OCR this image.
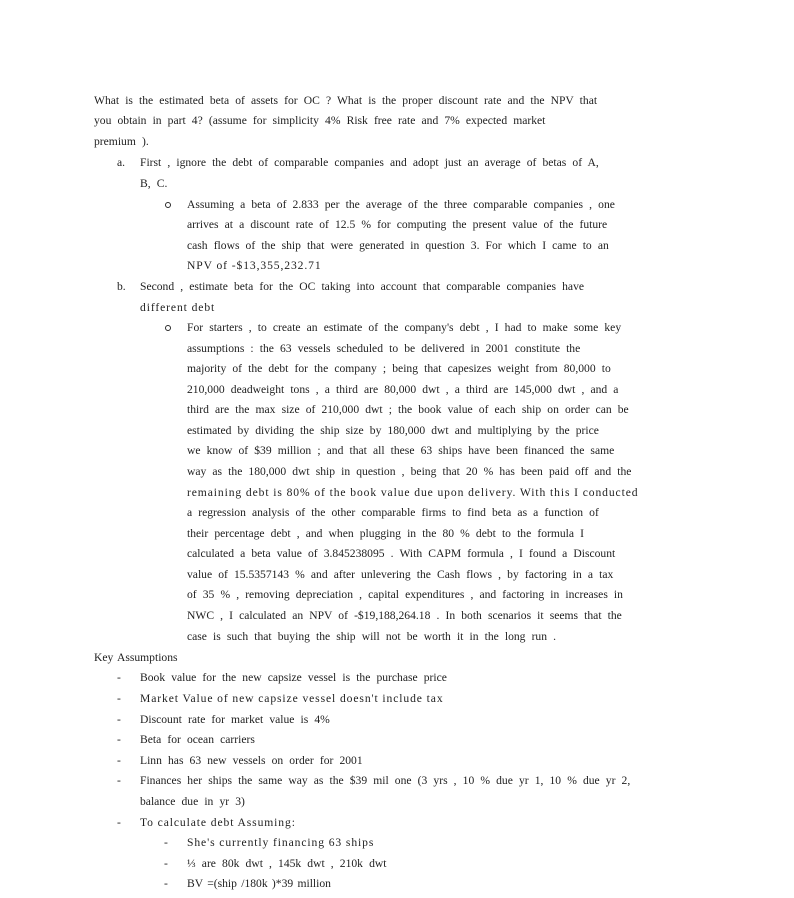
What is the estimated beta of assets for OC ? What is the proper discount rate and the NPV that
you obtain in part 4? (assume for simplicity 4% Risk free rate and 7% expected market
premium ).
a. First , ignore the debt of comparable companies and adopt just an average of betas of A,
B, C.
Assuming a beta of 2.833 per the average of the three comparable companies , one
arrives at a discount rate of 12.5 % for computing the present value of the future
cash flows of the ship that were generated in question 3. For which I came to an
NPV of -$13,355,232.71
b. Second , estimate beta for the OC taking into account that comparable companies have
different debt
For starters , to create an estimate of the company's debt , I had to make some key
assumptions : the 63 vessels scheduled to be delivered in 2001 constitute the
majority of the debt for the company ; being that capesizes weight from 80,000 to
210,000 deadweight tons , a third are 80,000 dwt , a third are 145,000 dwt , and a
third are the max size of 210,000 dwt ; the book value of each ship on order can be
estimated by dividing the ship size by 180,000 dwt and multiplying by the price
we know of $39 million ; and that all these 63 ships have been financed the same
way as the 180,000 dwt ship in question , being that 20 % has been paid off and the
remaining debt is 80% of the book value due upon delivery. With this I conducted
a regression analysis of the other comparable firms to find beta as a function of
their percentage debt , and when plugging in the 80 % debt to the formula I
calculated a beta value of 3.845238095 . With CAPM formula , I found a Discount
value of 15.5357143 % and after unlevering the Cash flows , by factoring in a tax
of 35 % , removing depreciation , capital expenditures , and factoring in increases in
NWC , I calculated an NPV of -$19,188,264.18 . In both scenarios it seems that the
case is such that buying the ship will not be worth it in the long run .
Key Assumptions
- Book value for the new capsize vessel is the purchase price
- Market Value of new capsize vessel doesn't include tax
- Discount rate for market value is 4%
- Beta for ocean carriers
- Linn has 63 new vessels on order for 2001
- Finances her ships the same way as the $39 mil one (3 yrs , 10 % due yr 1, 10 % due yr 2,
balance due in yr 3)
- To calculate debt Assuming:
- She's currently financing 63 ships
- ⅓ are 80k dwt , 145k dwt , 210k dwt
- BV =(ship /180k )*39 million
